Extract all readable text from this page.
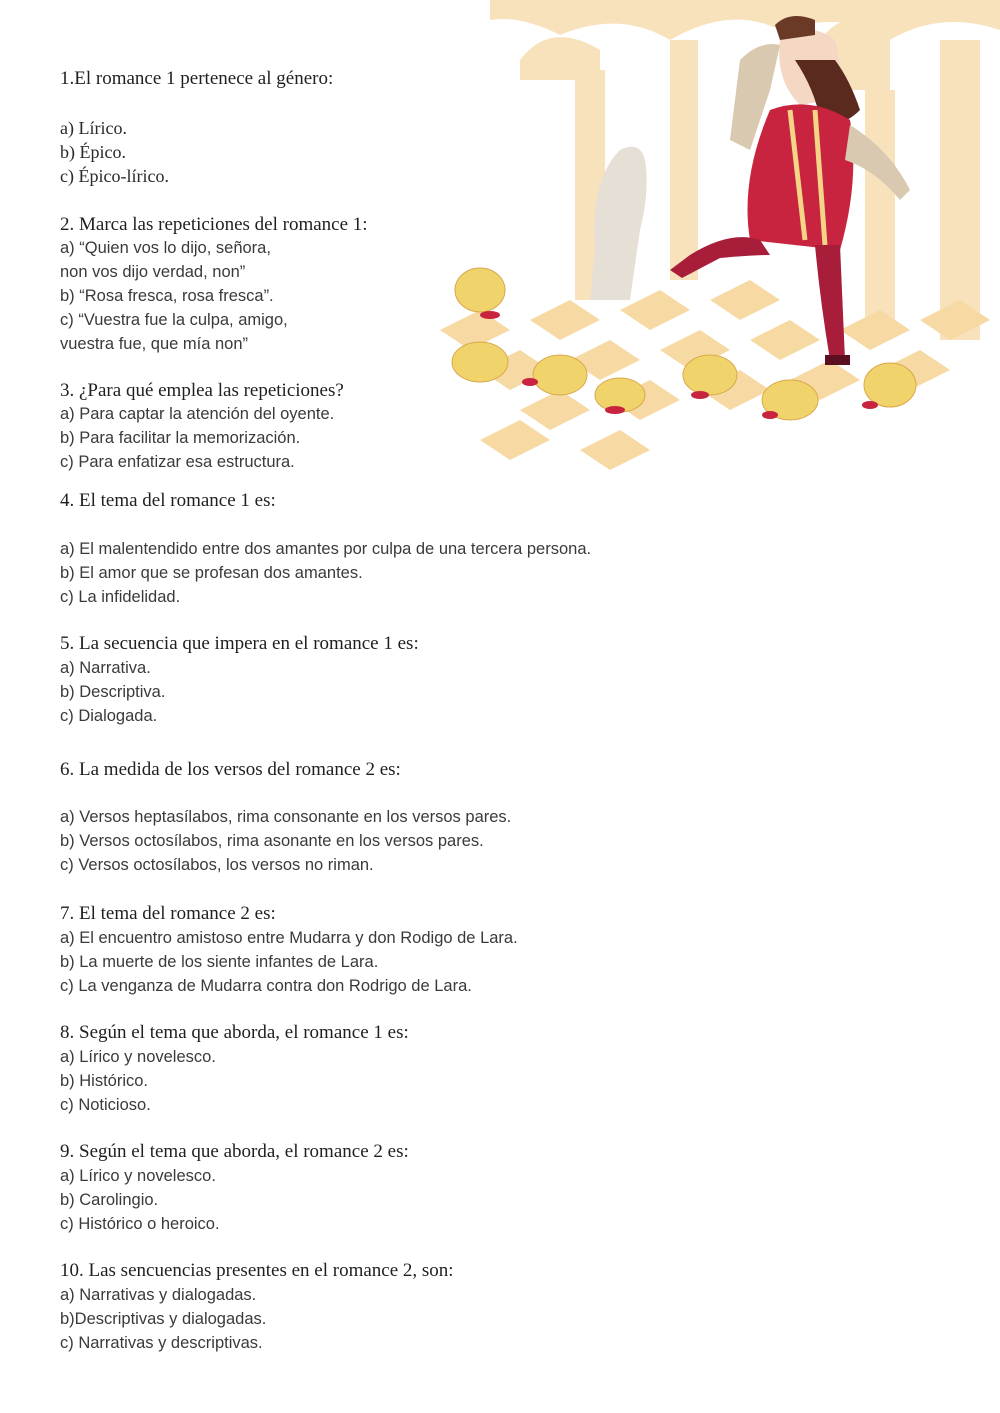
1.El romance 1 pertenece al género:
a) Lírico.
b) Épico.
c) Épico-lírico.
2. Marca las repeticiones del romance 1:
a) “Quien vos lo dijo, señora,
non vos dijo verdad, non”
b) “Rosa fresca, rosa fresca”.
c) “Vuestra fue la culpa, amigo,
vuestra fue, que mía non”
3. ¿Para qué emplea las repeticiones?
a) Para captar la atención del oyente.
b) Para facilitar la memorización.
c) Para enfatizar esa estructura.
4. El tema del romance 1 es:
a) El malentendido entre dos amantes por culpa de una tercera persona.
b) El amor que se profesan dos amantes.
c) La infidelidad.
5. La secuencia que impera en el romance 1 es:
a) Narrativa.
b) Descriptiva.
c) Dialogada.
6. La medida de los versos del romance 2 es:
a) Versos heptasílabos, rima consonante en los versos pares.
b) Versos octosílabos, rima asonante en los versos pares.
c) Versos octosílabos, los versos no riman.
7. El tema del romance 2 es:
a) El encuentro amistoso entre Mudarra y don Rodigo de Lara.
b) La muerte de los siente infantes de Lara.
c) La venganza de Mudarra contra don Rodrigo de Lara.
8. Según el tema que aborda, el romance 1 es:
a) Lírico y novelesco.
b) Histórico.
c) Noticioso.
9. Según el tema que aborda, el romance 2 es:
a) Lírico y novelesco.
b) Carolingio.
c) Histórico o heroico.
10. Las sencuencias presentes en el romance 2, son:
a) Narrativas y dialogadas.
b)Descriptivas y dialogadas.
c) Narrativas y descriptivas.
